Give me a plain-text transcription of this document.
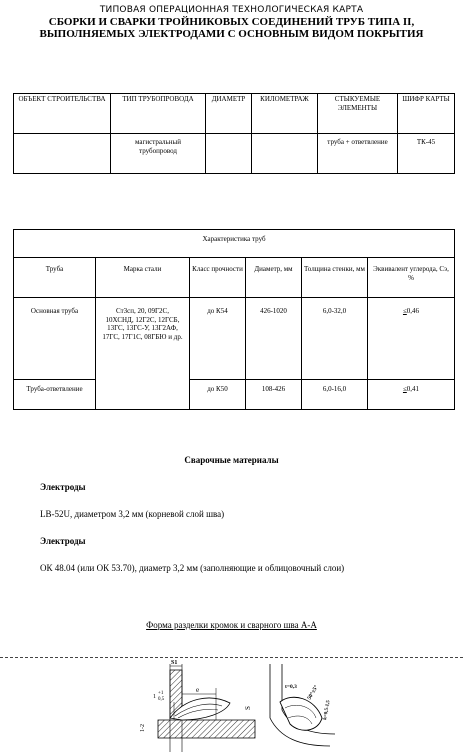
ТИПОВАЯ ОПЕРАЦИОННАЯ ТЕХНОЛОГИЧЕСКАЯ КАРТА
СБОРКИ И СВАРКИ ТРОЙНИКОВЫХ СОЕДИНЕНИЙ ТРУБ ТИПА II,
ВЫПОЛНЯЕМЫХ ЭЛЕКТРОДАМИ С ОСНОВНЫМ ВИДОМ ПОКРЫТИЯ
ОБЪЕКТ СТРОИТЕЛЬСТВА	ТИП ТРУБОПРОВОДА	ДИАМЕТР	КИЛОМЕТРАЖ	СТЫКУЕМЫЕ ЭЛЕМЕНТЫ	ШИФР КАРТЫ
	магистральный трубопровод			труба + ответвление	ТК-45
Характеристика труб					
Труба	Марка стали	Класс прочности	Диаметр, мм	Толщина стенки, мм	Эквивалент углерода, Сэ, %
Основная труба	Ст3сп, 20, 09Г2С, 10ХСНД, 12Г2С, 12ГСБ, 13ГС, 13ГС-У, 13Г2АФ, 17ГС, 17Г1С, 08ГБЮ и др.	до К54	426-1020	6,0-32,0	≤0,46
Труба-ответвление		до К50	108-426	6,0-16,0	≤0,41
Сварочные материалы
Электроды
LB-52U, диаметром 3,2 мм (корневой слой шва)
Электроды
ОК 48.04 (или ОК 53.70), диаметр 3,2 мм (заполняющие и облицовочный слои)
Форма разделки кромок и сварного шва А-А
S1
e
1
+1
0,5
1-2
S
t=0,3 50°±5°
k=0,5-1,5
